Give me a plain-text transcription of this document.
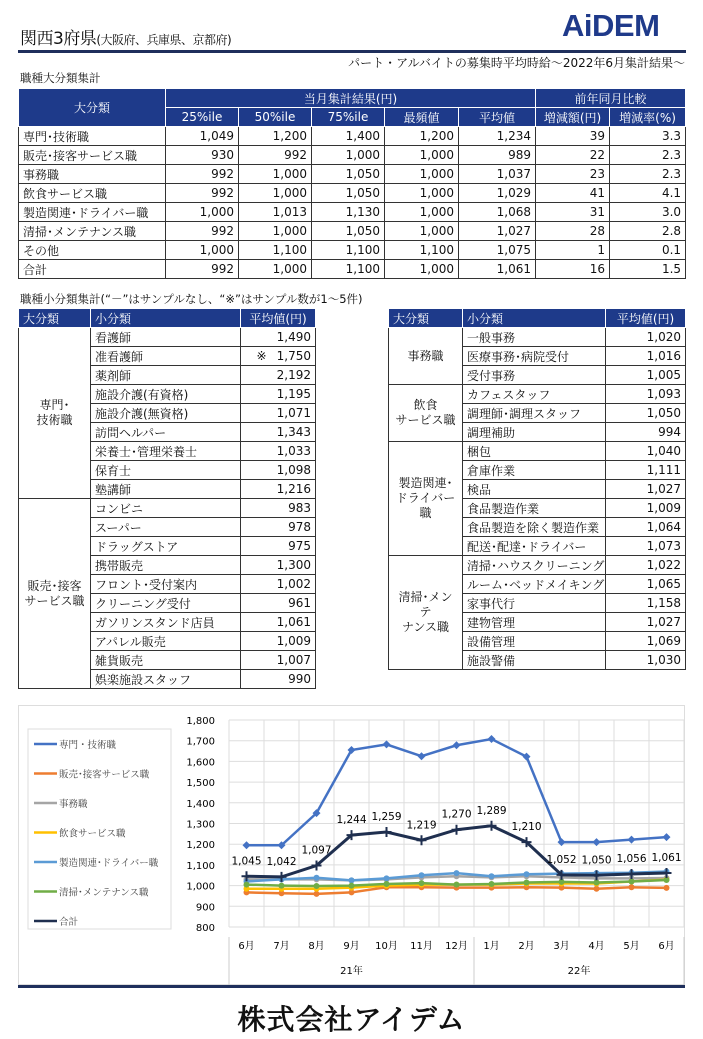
関西3府県(大阪府、兵庫県、京都府)	AiDEM
パート・アルバイトの募集時平均時給～2022年6月集計結果～
職種大分類集計
大分類	当月集計結果(円)					前年同月比較	
	25%ile	50%ile	75%ile	最頻値	平均値	増減額(円)	増減率(%)
専門･技術職	1,049	1,200	1,400	1,200	1,234	39	3.3
販売･接客サービス職	930	992	1,000	1,000	989	22	2.3
事務職	992	1,000	1,050	1,000	1,037	23	2.3
飲食サービス職	992	1,000	1,050	1,000	1,029	41	4.1
製造関連･ドライバー職	1,000	1,013	1,130	1,000	1,068	31	3.0
清掃･メンテナンス職	992	1,000	1,050	1,000	1,027	28	2.8
その他	1,000	1,100	1,100	1,100	1,075	1	0.1
合計	992	1,000	1,100	1,000	1,061	16	1.5
職種小分類集計(“－”はサンプルなし、“※”はサンプル数が1～5件)
大分類	小分類	平均値(円)	
専門･
技術職	看護師		1,490
	准看護師	※	1,750
	薬剤師		2,192
	施設介護(有資格)		1,195
	施設介護(無資格)		1,071
	訪問ヘルパー		1,343
	栄養士･管理栄養士		1,033
	保育士		1,098
	塾講師		1,216
販売･接客
サービス職	コンビニ		983
	スーパー		978
	ドラッグストア		975
	携帯販売		1,300
	フロント･受付案内		1,002
	クリーニング受付		961
	ガソリンスタンド店員		1,061
	アパレル販売		1,009
	雑貨販売		1,007
	娯楽施設スタッフ		990
大分類	小分類	平均値(円)	
事務職	一般事務		1,020
	医療事務･病院受付		1,016
	受付事務		1,005
飲食
サービス職	カフェスタッフ		1,093
	調理師･調理スタッフ		1,050
	調理補助		994
製造関連･
ドライバー職	梱包		1,040
	倉庫作業		1,111
	検品		1,027
	食品製造作業		1,009
	食品製造を除く製造作業		1,064
	配送･配達･ドライバー		1,073
清掃･メンテ
ナンス職	清掃･ハウスクリーニング		1,022
	ルーム･ベッドメイキング		1,065
	家事代行		1,158
	建物管理		1,027
	設備管理		1,069
	施設警備		1,030
800
900
1,000
1,100
1,200
1,300
1,400
1,500
1,600
1,700
1,800
6月 7月 8月 9月 10月 11月 12月 1月 2月 3月 4月 5月 6月
21年	22年
専門・技術職
販売･接客サービス職
事務職
飲食サービス職
製造関連･ドライバー職
清掃･メンテナンス職
1,045 1,042
1,097
1,244 1,259
1,219
1,270 1,289
1,210
1,052 1,050 1,056 1,061
合計
株式会社アイデム
